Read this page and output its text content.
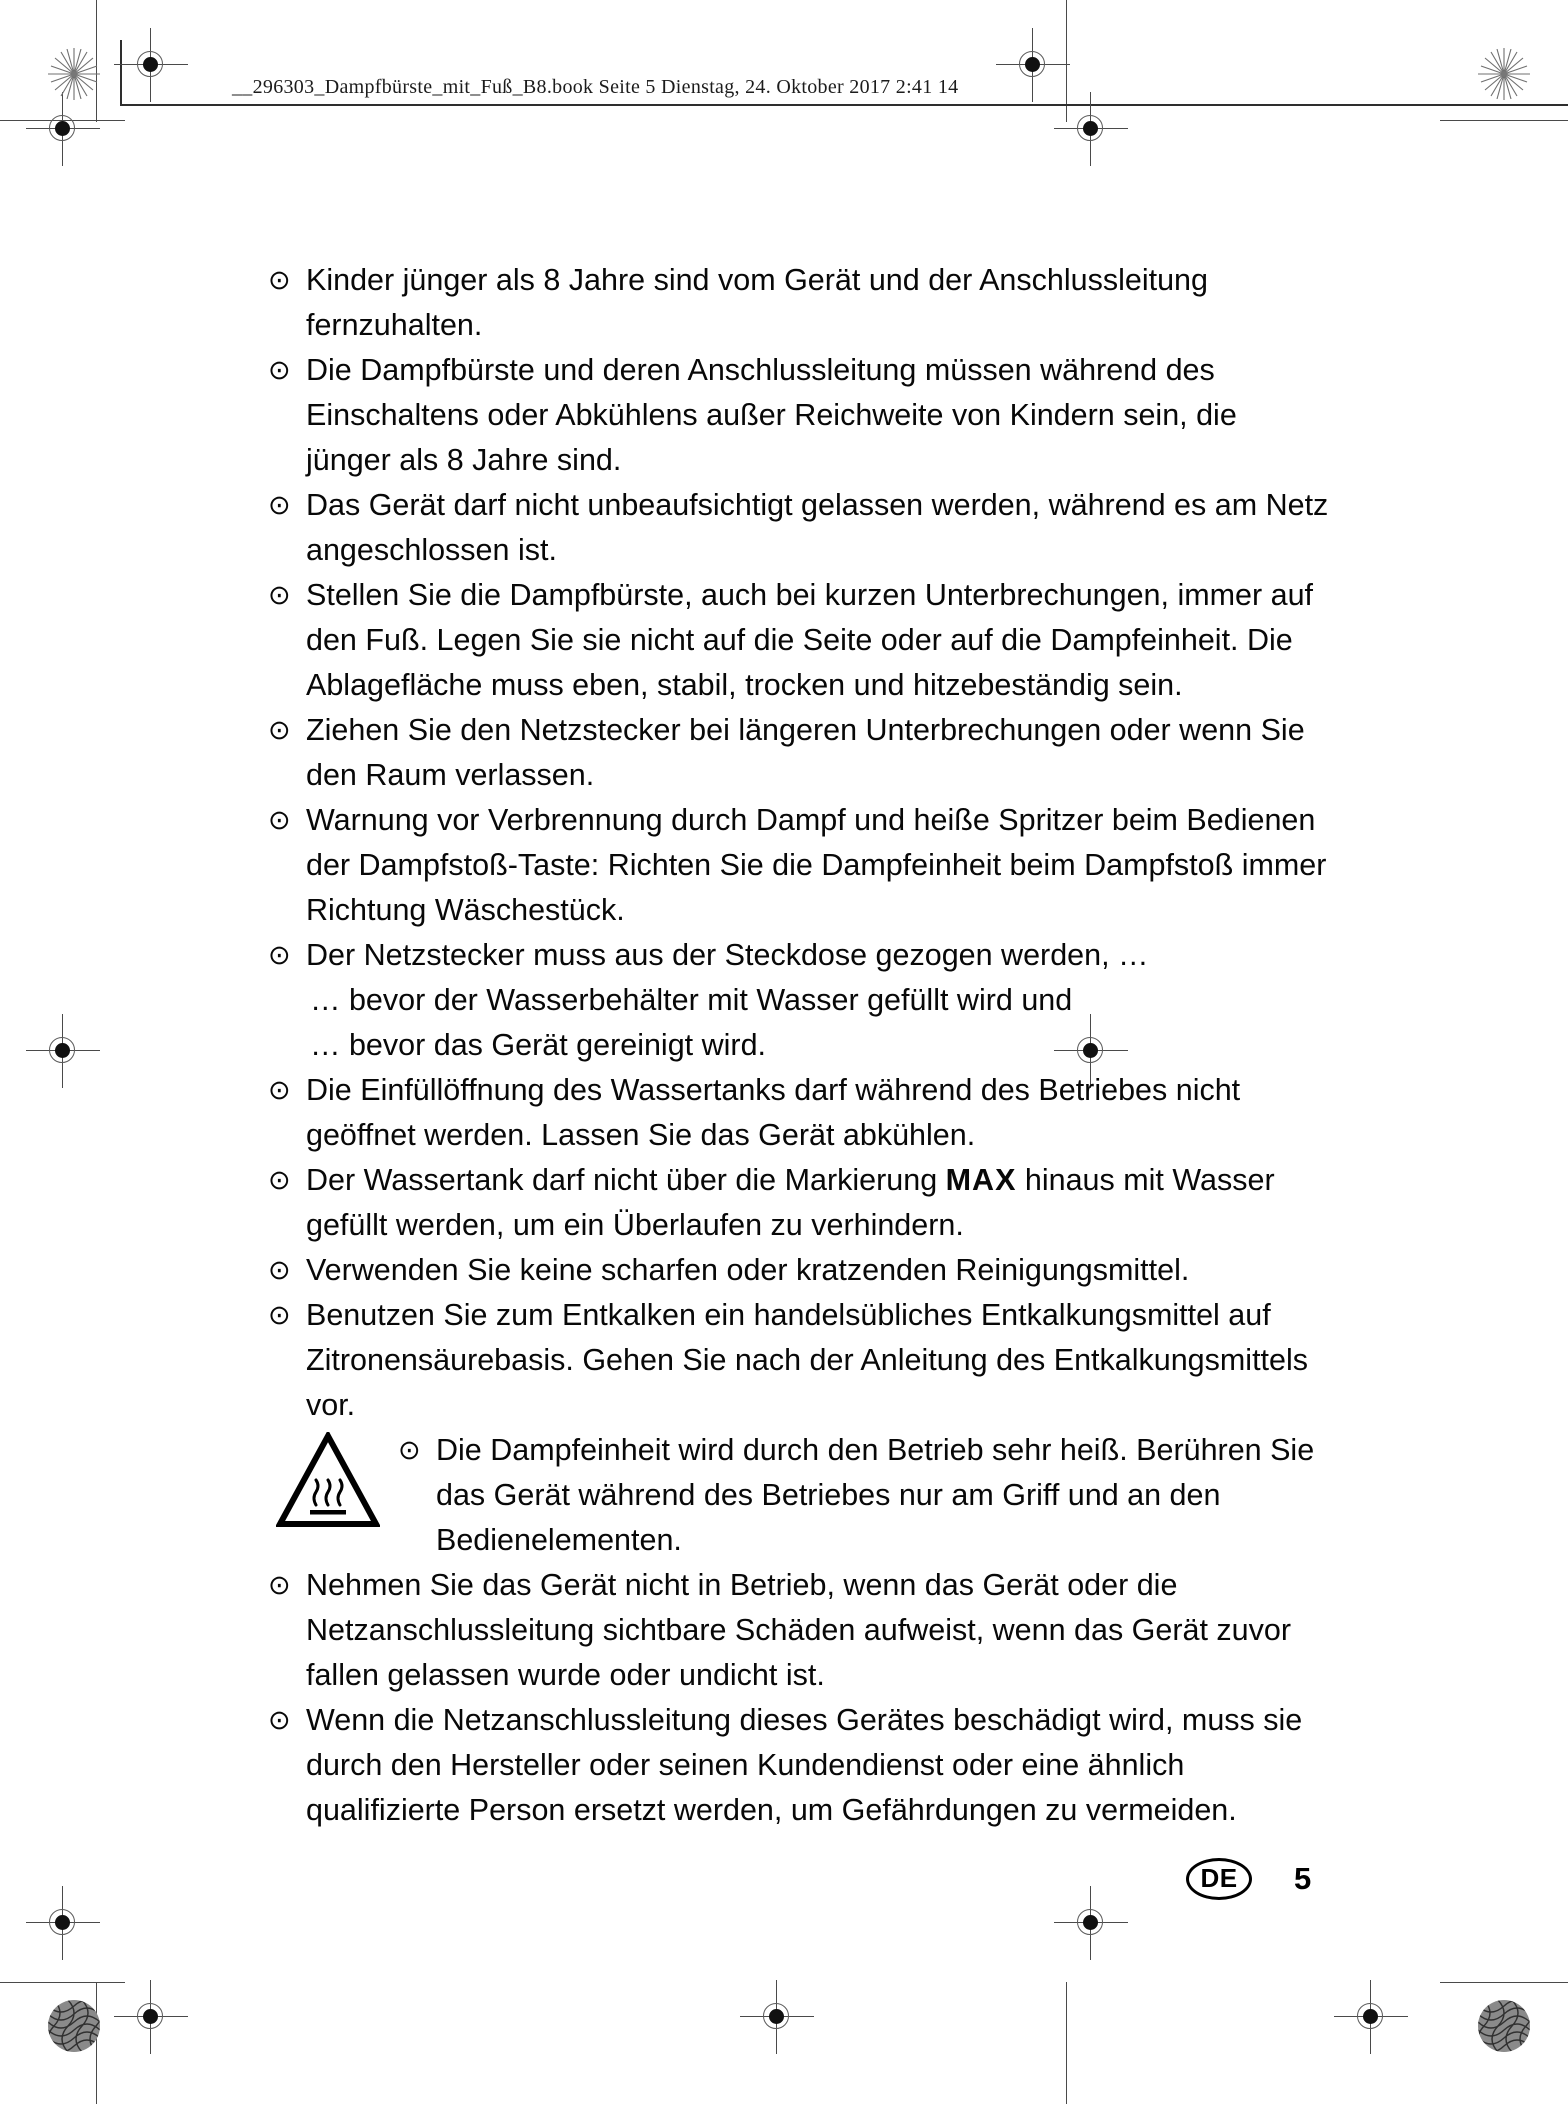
__296303_Dampfbürste_mit_Fuß_B8.book Seite 5 Dienstag, 24. Oktober 2017 2:41 14
⊙ Kinder jünger als 8 Jahre sind vom Gerät und der Anschlussleitung fernzuhalten.
⊙ Die Dampfbürste und deren Anschlussleitung müssen während des Einschaltens oder Abkühlens außer Reichweite von Kindern sein, die jünger als 8 Jahre sind.
⊙ Das Gerät darf nicht unbeaufsichtigt gelassen werden, während es am Netz angeschlossen ist.
⊙ Stellen Sie die Dampfbürste, auch bei kurzen Unterbrechungen, immer auf den Fuß. Legen Sie sie nicht auf die Seite oder auf die Dampfeinheit. Die Ablagefläche muss eben, stabil, trocken und hitzebeständig sein.
⊙ Ziehen Sie den Netzstecker bei längeren Unterbrechungen oder wenn Sie den Raum verlassen.
⊙ Warnung vor Verbrennung durch Dampf und heiße Spritzer beim Bedienen der Dampfstoß-Taste: Richten Sie die Dampfeinheit beim Dampfstoß immer Richtung Wäschestück.
⊙ Der Netzstecker muss aus der Steckdose gezogen werden, …
… bevor der Wasserbehälter mit Wasser gefüllt wird und
… bevor das Gerät gereinigt wird.
⊙ Die Einfüllöffnung des Wassertanks darf während des Betriebes nicht geöffnet werden. Lassen Sie das Gerät abkühlen.
⊙ Der Wassertank darf nicht über die Markierung MAX hinaus mit Wasser gefüllt werden, um ein Überlaufen zu verhindern.
⊙ Verwenden Sie keine scharfen oder kratzenden Reinigungsmittel.
⊙ Benutzen Sie zum Entkalken ein handelsübliches Entkalkungsmittel auf Zitronensäurebasis. Gehen Sie nach der Anleitung des Entkalkungsmittels vor.
⊙ Die Dampfeinheit wird durch den Betrieb sehr heiß. Berühren Sie das Gerät während des Betriebes nur am Griff und an den Bedienelementen.
⊙ Nehmen Sie das Gerät nicht in Betrieb, wenn das Gerät oder die Netzanschlussleitung sichtbare Schäden aufweist, wenn das Gerät zuvor fallen gelassen wurde oder undicht ist.
⊙ Wenn die Netzanschlussleitung dieses Gerätes beschädigt wird, muss sie durch den Hersteller oder seinen Kundendienst oder eine ähnlich qualifizierte Person ersetzt werden, um Gefährdungen zu vermeiden.
DE	5
